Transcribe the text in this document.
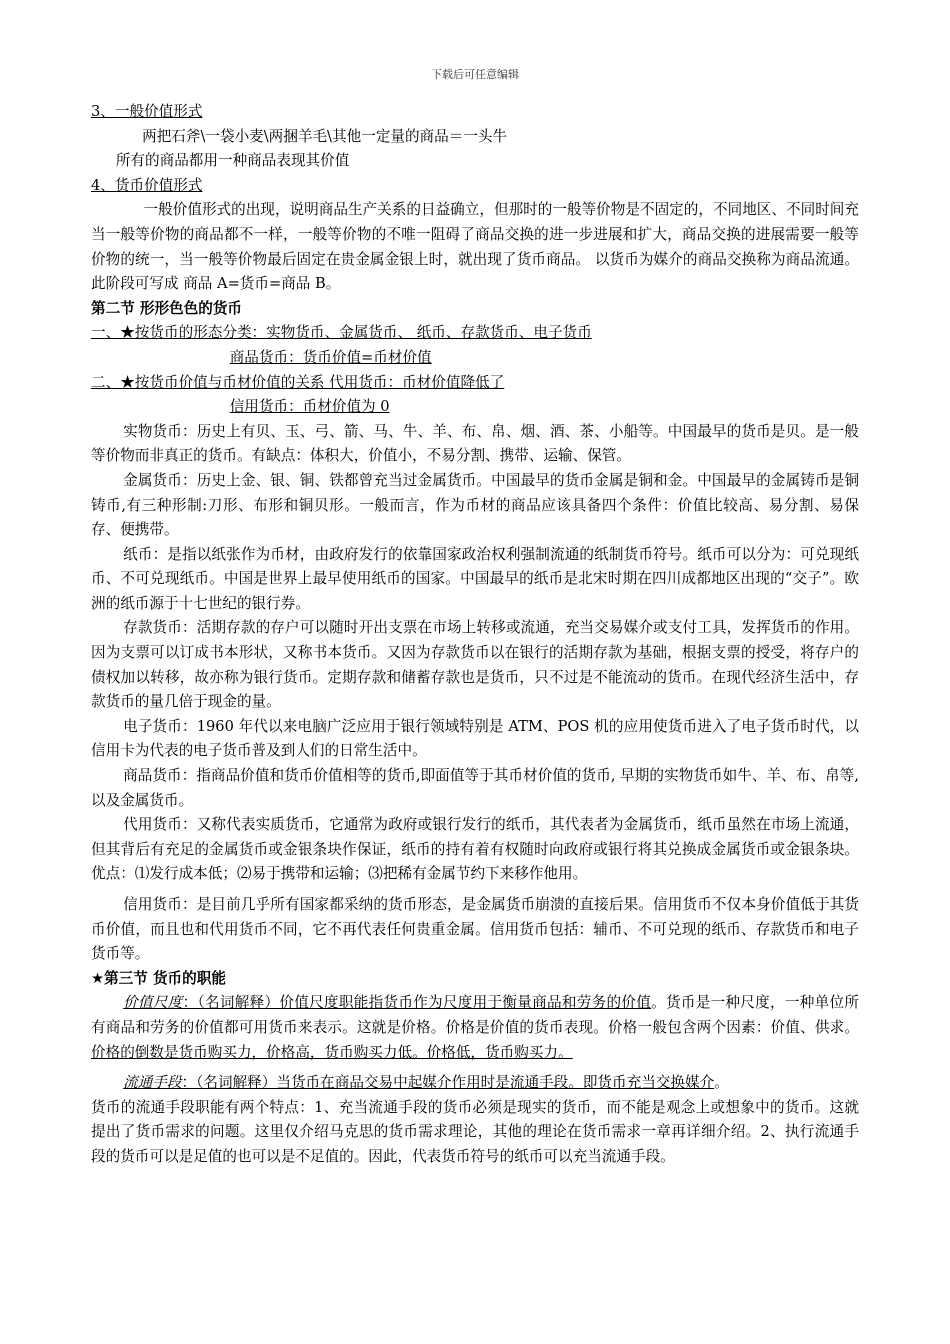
下载后可任意编辑

3、一般价值形式

两把石斧\一袋小麦\两捆羊毛\其他一定量的商品＝一头牛

所有的商品都用一种商品表现其价值

4、货币价值形式

一般价值形式的出现，说明商品生产关系的日益确立，但那时的一般等价物是不固定的，不同地区、不同时间充当一般等价物的商品都不一样，一般等价物的不唯一阻碍了商品交换的进一步进展和扩大，商品交换的进展需要一般等价物的统一，当一般等价物最后固定在贵金属金银上时，就出现了货币商品。 以货币为媒介的商品交换称为商品流通。此阶段可写成 商品 A=货币=商品 B。

第二节 形形色色的货币

一、★按货币的形态分类：实物货币、金属货币、 纸币、存款货币、电子货币

商品货币：货币价值=币材价值

二、★按货币价值与币材价值的关系 代用货币：币材价值降低了

信用货币：币材价值为 0

实物货币：历史上有贝、玉、弓、箭、马、牛、羊、布、帛、烟、酒、茶、小船等。中国最早的货币是贝。是一般等价物而非真正的货币。有缺点：体积大，价值小，不易分割、携带、运输、保管。

金属货币：历史上金、银、铜、铁都曾充当过金属货币。中国最早的货币金属是铜和金。中国最早的金属铸币是铜铸币,有三种形制:刀形、布形和铜贝形。一般而言，作为币材的商品应该具备四个条件：价值比较高、易分割、易保存、便携带。

纸币：是指以纸张作为币材，由政府发行的依靠国家政治权利强制流通的纸制货币符号。纸币可以分为：可兑现纸币、不可兑现纸币。中国是世界上最早使用纸币的国家。中国最早的纸币是北宋时期在四川成都地区出现的“交子”。欧洲的纸币源于十七世纪的银行券。

存款货币：活期存款的存户可以随时开出支票在市场上转移或流通，充当交易媒介或支付工具，发挥货币的作用。因为支票可以订成书本形状，又称书本货币。又因为存款货币以在银行的活期存款为基础，根据支票的授受，将存户的债权加以转移，故亦称为银行货币。定期存款和储蓄存款也是货币，只不过是不能流动的货币。在现代经济生活中，存款货币的量几倍于现金的量。

电子货币：1960 年代以来电脑广泛应用于银行领域特别是 ATM、POS 机的应用使货币进入了电子货币时代，以信用卡为代表的电子货币普及到人们的日常生活中。

商品货币：指商品价值和货币价值相等的货币,即面值等于其币材价值的货币, 早期的实物货币如牛、羊、布、帛等,以及金属货币。

代用货币：又称代表实质货币，它通常为政府或银行发行的纸币，其代表者为金属货币，纸币虽然在市场上流通，但其背后有充足的金属货币或金银条块作保证，纸币的持有着有权随时向政府或银行将其兑换成金属货币或金银条块。优点：⑴发行成本低；⑵易于携带和运输；⑶把稀有金属节约下来移作他用。

信用货币：是目前几乎所有国家都采纳的货币形态，是金属货币崩溃的直接后果。信用货币不仅本身价值低于其货币价值，而且也和代用货币不同，它不再代表任何贵重金属。信用货币包括：辅币、不可兑现的纸币、存款货币和电子货币等。

★第三节 货币的职能

价值尺度：（名词解释）价值尺度职能指货币作为尺度用于衡量商品和劳务的价值。货币是一种尺度，一种单位所有商品和劳务的价值都可用货币来表示。这就是价格。价格是价值的货币表现。价格一般包含两个因素：价值、供求。价格的倒数是货币购买力，价格高，货币购买力低。价格低，货币购买力。

流通手段：（名词解释）当货币在商品交易中起媒介作用时是流通手段。即货币充当交换媒介。

货币的流通手段职能有两个特点：1、充当流通手段的货币必须是现实的货币，而不能是观念上或想象中的货币。这就提出了货币需求的问题。这里仅介绍马克思的货币需求理论，其他的理论在货币需求一章再详细介绍。2、执行流通手段的货币可以是足值的也可以是不足值的。因此，代表货币符号的纸币可以充当流通手段。
